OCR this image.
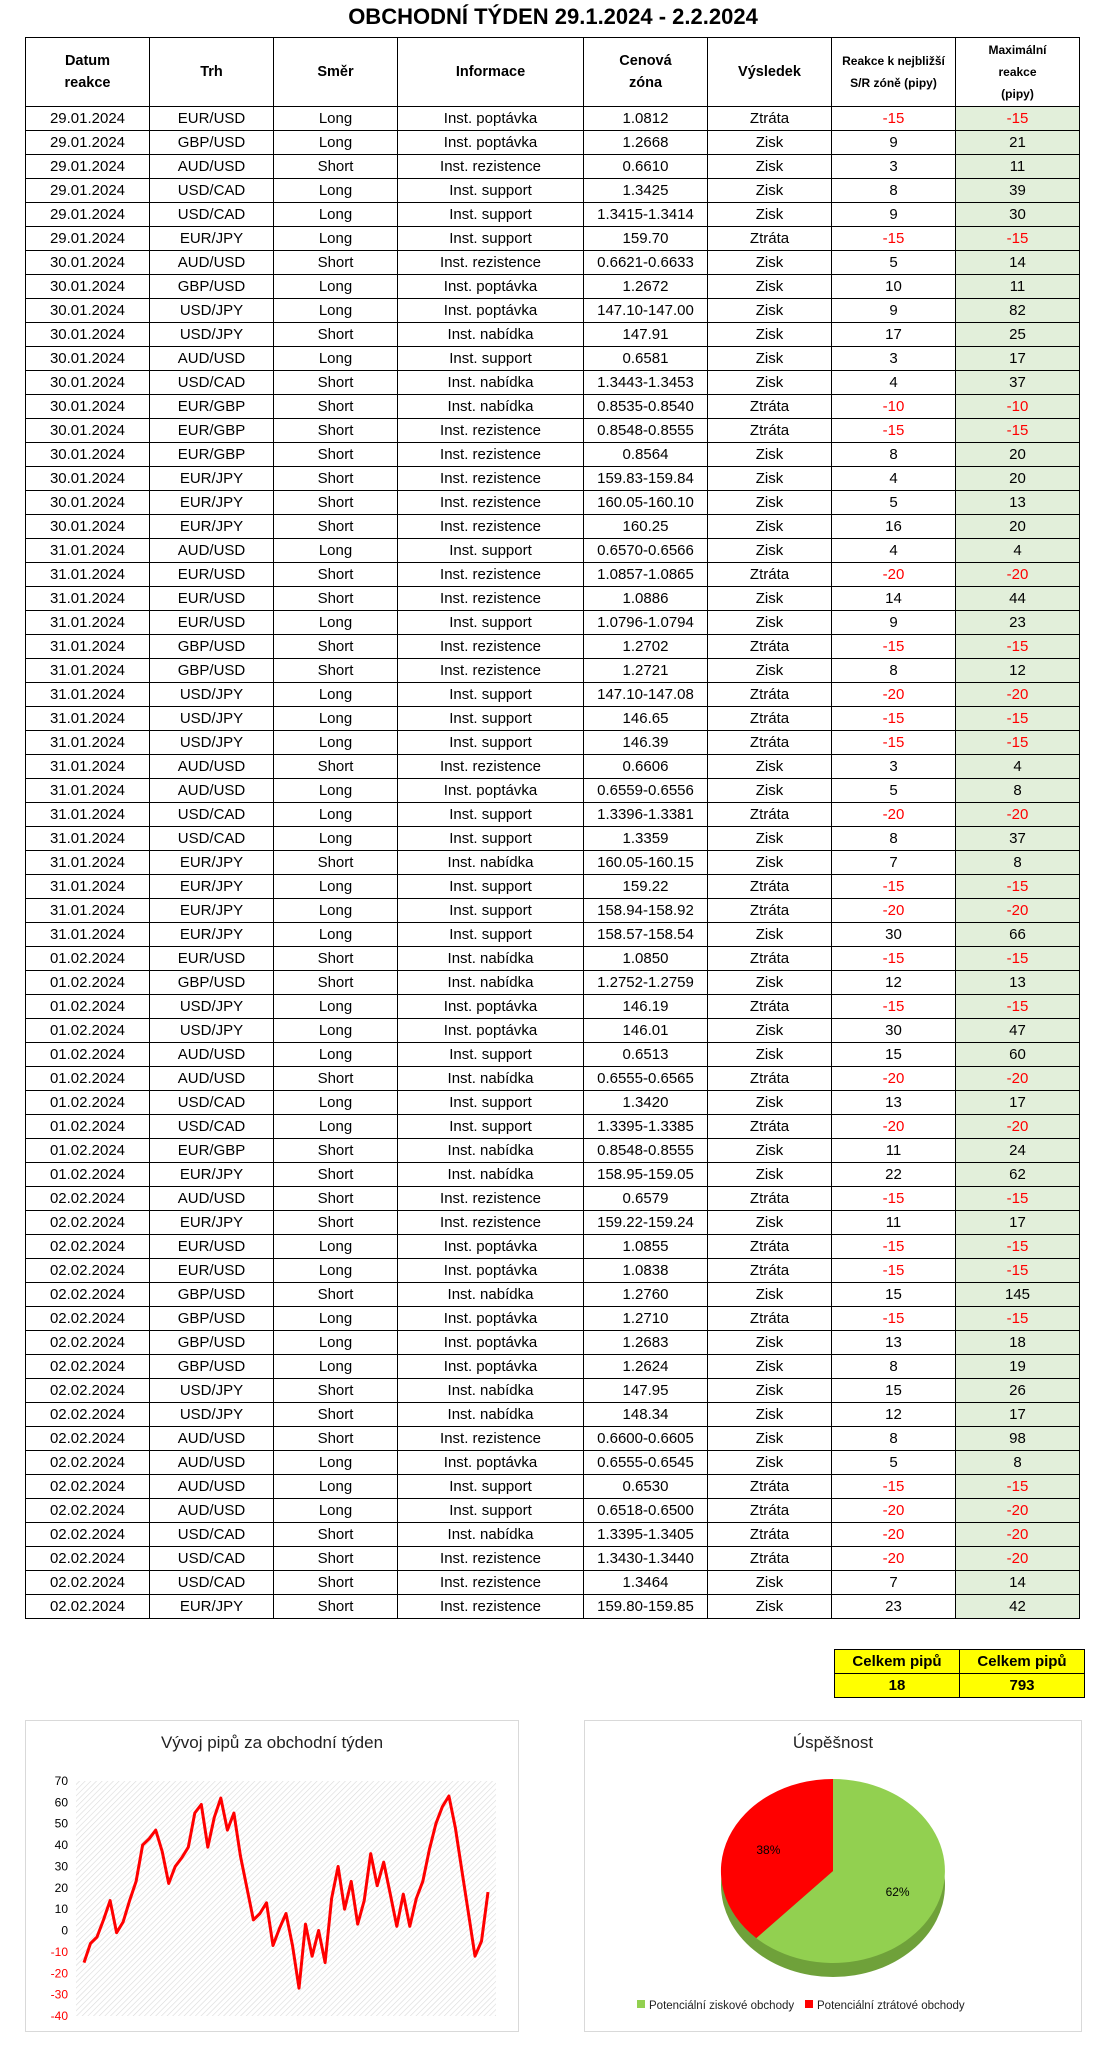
OBCHODNÍ TÝDEN 29.1.2024 - 2.2.2024
Datum reakce	Trh	Směr	Informace	Cenová zóna	Výsledek	Reakce k nejbližší S/R zóně (pipy)	Maximální reakce (pipy)

29.01.2024	EUR/USD	Long	Inst. poptávka	1.0812	Ztráta	-15	-15
29.01.2024	GBP/USD	Long	Inst. poptávka	1.2668	Zisk	9	21
29.01.2024	AUD/USD	Short	Inst. rezistence	0.6610	Zisk	3	11
29.01.2024	USD/CAD	Long	Inst. support	1.3425	Zisk	8	39
29.01.2024	USD/CAD	Long	Inst. support	1.3415-1.3414	Zisk	9	30
29.01.2024	EUR/JPY	Long	Inst. support	159.70	Ztráta	-15	-15
30.01.2024	AUD/USD	Short	Inst. rezistence	0.6621-0.6633	Zisk	5	14
30.01.2024	GBP/USD	Long	Inst. poptávka	1.2672	Zisk	10	11
30.01.2024	USD/JPY	Long	Inst. poptávka	147.10-147.00	Zisk	9	82
30.01.2024	USD/JPY	Short	Inst. nabídka	147.91	Zisk	17	25
30.01.2024	AUD/USD	Long	Inst. support	0.6581	Zisk	3	17
30.01.2024	USD/CAD	Short	Inst. nabídka	1.3443-1.3453	Zisk	4	37
30.01.2024	EUR/GBP	Short	Inst. nabídka	0.8535-0.8540	Ztráta	-10	-10
30.01.2024	EUR/GBP	Short	Inst. rezistence	0.8548-0.8555	Ztráta	-15	-15
30.01.2024	EUR/GBP	Short	Inst. rezistence	0.8564	Zisk	8	20
30.01.2024	EUR/JPY	Short	Inst. rezistence	159.83-159.84	Zisk	4	20
30.01.2024	EUR/JPY	Short	Inst. rezistence	160.05-160.10	Zisk	5	13
30.01.2024	EUR/JPY	Short	Inst. rezistence	160.25	Zisk	16	20
31.01.2024	AUD/USD	Long	Inst. support	0.6570-0.6566	Zisk	4	4
31.01.2024	EUR/USD	Short	Inst. rezistence	1.0857-1.0865	Ztráta	-20	-20
31.01.2024	EUR/USD	Short	Inst. rezistence	1.0886	Zisk	14	44
31.01.2024	EUR/USD	Long	Inst. support	1.0796-1.0794	Zisk	9	23
31.01.2024	GBP/USD	Short	Inst. rezistence	1.2702	Ztráta	-15	-15
31.01.2024	GBP/USD	Short	Inst. rezistence	1.2721	Zisk	8	12
31.01.2024	USD/JPY	Long	Inst. support	147.10-147.08	Ztráta	-20	-20
31.01.2024	USD/JPY	Long	Inst. support	146.65	Ztráta	-15	-15
31.01.2024	USD/JPY	Long	Inst. support	146.39	Ztráta	-15	-15
31.01.2024	AUD/USD	Short	Inst. rezistence	0.6606	Zisk	3	4
31.01.2024	AUD/USD	Long	Inst. poptávka	0.6559-0.6556	Zisk	5	8
31.01.2024	USD/CAD	Long	Inst. support	1.3396-1.3381	Ztráta	-20	-20
31.01.2024	USD/CAD	Long	Inst. support	1.3359	Zisk	8	37
31.01.2024	EUR/JPY	Short	Inst. nabídka	160.05-160.15	Zisk	7	8
31.01.2024	EUR/JPY	Long	Inst. support	159.22	Ztráta	-15	-15
31.01.2024	EUR/JPY	Long	Inst. support	158.94-158.92	Ztráta	-20	-20
31.01.2024	EUR/JPY	Long	Inst. support	158.57-158.54	Zisk	30	66
01.02.2024	EUR/USD	Short	Inst. nabídka	1.0850	Ztráta	-15	-15
01.02.2024	GBP/USD	Short	Inst. nabídka	1.2752-1.2759	Zisk	12	13
01.02.2024	USD/JPY	Long	Inst. poptávka	146.19	Ztráta	-15	-15
01.02.2024	USD/JPY	Long	Inst. poptávka	146.01	Zisk	30	47
01.02.2024	AUD/USD	Long	Inst. support	0.6513	Zisk	15	60
01.02.2024	AUD/USD	Short	Inst. nabídka	0.6555-0.6565	Ztráta	-20	-20
01.02.2024	USD/CAD	Long	Inst. support	1.3420	Zisk	13	17
01.02.2024	USD/CAD	Long	Inst. support	1.3395-1.3385	Ztráta	-20	-20
01.02.2024	EUR/GBP	Short	Inst. nabídka	0.8548-0.8555	Zisk	11	24
01.02.2024	EUR/JPY	Short	Inst. nabídka	158.95-159.05	Zisk	22	62
02.02.2024	AUD/USD	Short	Inst. rezistence	0.6579	Ztráta	-15	-15
02.02.2024	EUR/JPY	Short	Inst. rezistence	159.22-159.24	Zisk	11	17
02.02.2024	EUR/USD	Long	Inst. poptávka	1.0855	Ztráta	-15	-15
02.02.2024	EUR/USD	Long	Inst. poptávka	1.0838	Ztráta	-15	-15
02.02.2024	GBP/USD	Short	Inst. nabídka	1.2760	Zisk	15	145
02.02.2024	GBP/USD	Long	Inst. poptávka	1.2710	Ztráta	-15	-15
02.02.2024	GBP/USD	Long	Inst. poptávka	1.2683	Zisk	13	18
02.02.2024	GBP/USD	Long	Inst. poptávka	1.2624	Zisk	8	19
02.02.2024	USD/JPY	Short	Inst. nabídka	147.95	Zisk	15	26
02.02.2024	USD/JPY	Short	Inst. nabídka	148.34	Zisk	12	17
02.02.2024	AUD/USD	Short	Inst. rezistence	0.6600-0.6605	Zisk	8	98
02.02.2024	AUD/USD	Long	Inst. poptávka	0.6555-0.6545	Zisk	5	8
02.02.2024	AUD/USD	Long	Inst. support	0.6530	Ztráta	-15	-15
02.02.2024	AUD/USD	Long	Inst. support	0.6518-0.6500	Ztráta	-20	-20
02.02.2024	USD/CAD	Short	Inst. nabídka	1.3395-1.3405	Ztráta	-20	-20
02.02.2024	USD/CAD	Short	Inst. rezistence	1.3430-1.3440	Ztráta	-20	-20
02.02.2024	USD/CAD	Short	Inst. rezistence	1.3464	Zisk	7	14
02.02.2024	EUR/JPY	Short	Inst. rezistence	159.80-159.85	Zisk	23	42
Celkem pipů	Celkem pipů
18	793
Vývoj pipů za obchodní týden
70
60
50
40
30
20
10
0
-10
-20
-30
-40
Úspěšnost
62%
38%
Potenciální ziskové obchody Potenciální ztrátové obchody
